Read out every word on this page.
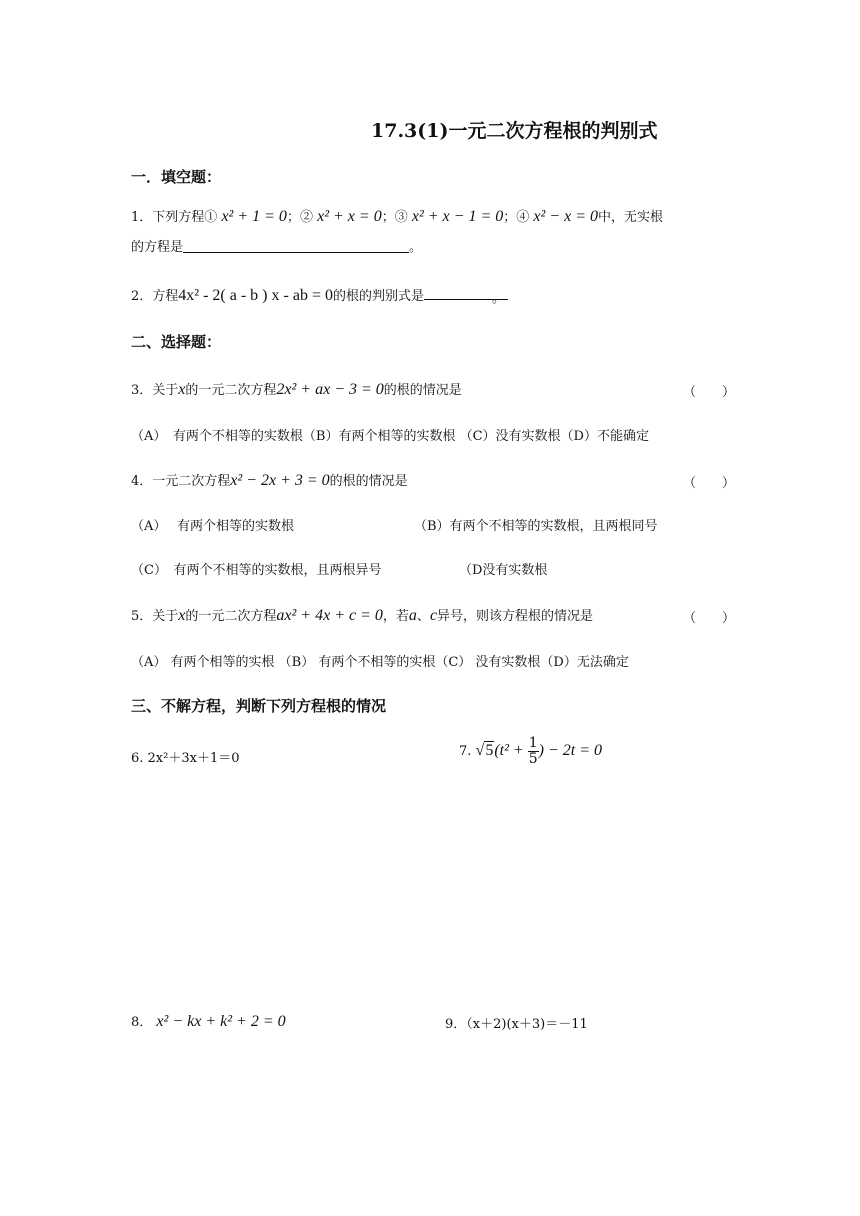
17.3(1)一元二次方程根的判别式
一．填空题：
1．下列方程① x² + 1 = 0；② x² + x = 0；③ x² + x − 1 = 0；④ x² − x = 0中，无实根
的方程是	。
2．方程4x² - 2( a - b ) x - ab = 0的根的判别式是	。
二、选择题：
3．关于x的一元二次方程2x² + ax − 3 = 0的根的情况是	（　　）
（A）　有两个不相等的实数根（B）有两个相等的实数根 （C）没有实数根（D）不能确定
4．一元二次方程x² − 2x + 3 = 0的根的情况是	（　　）
（A）　 有两个相等的实数根	（B）有两个不相等的实数根，且两根同号
（C）　有两个不相等的实数根，且两根异号	（D没有实数根
5．关于x的一元二次方程ax² + 4x + c = 0，若a、c异号，则该方程根的情况是	（　　）
（A） 有两个相等的实根 （B） 有两个不相等的实根（C） 没有实数根（D）无法确定
三、不解方程，判断下列方程根的情况
6. 2x²＋3x＋1＝0	7. $√5(t^2 + \frac{1}{5}$ ) − 2t = 0
8． x² − kx + k² + 2 = 0	9．（x＋2)(x＋3)＝－11
